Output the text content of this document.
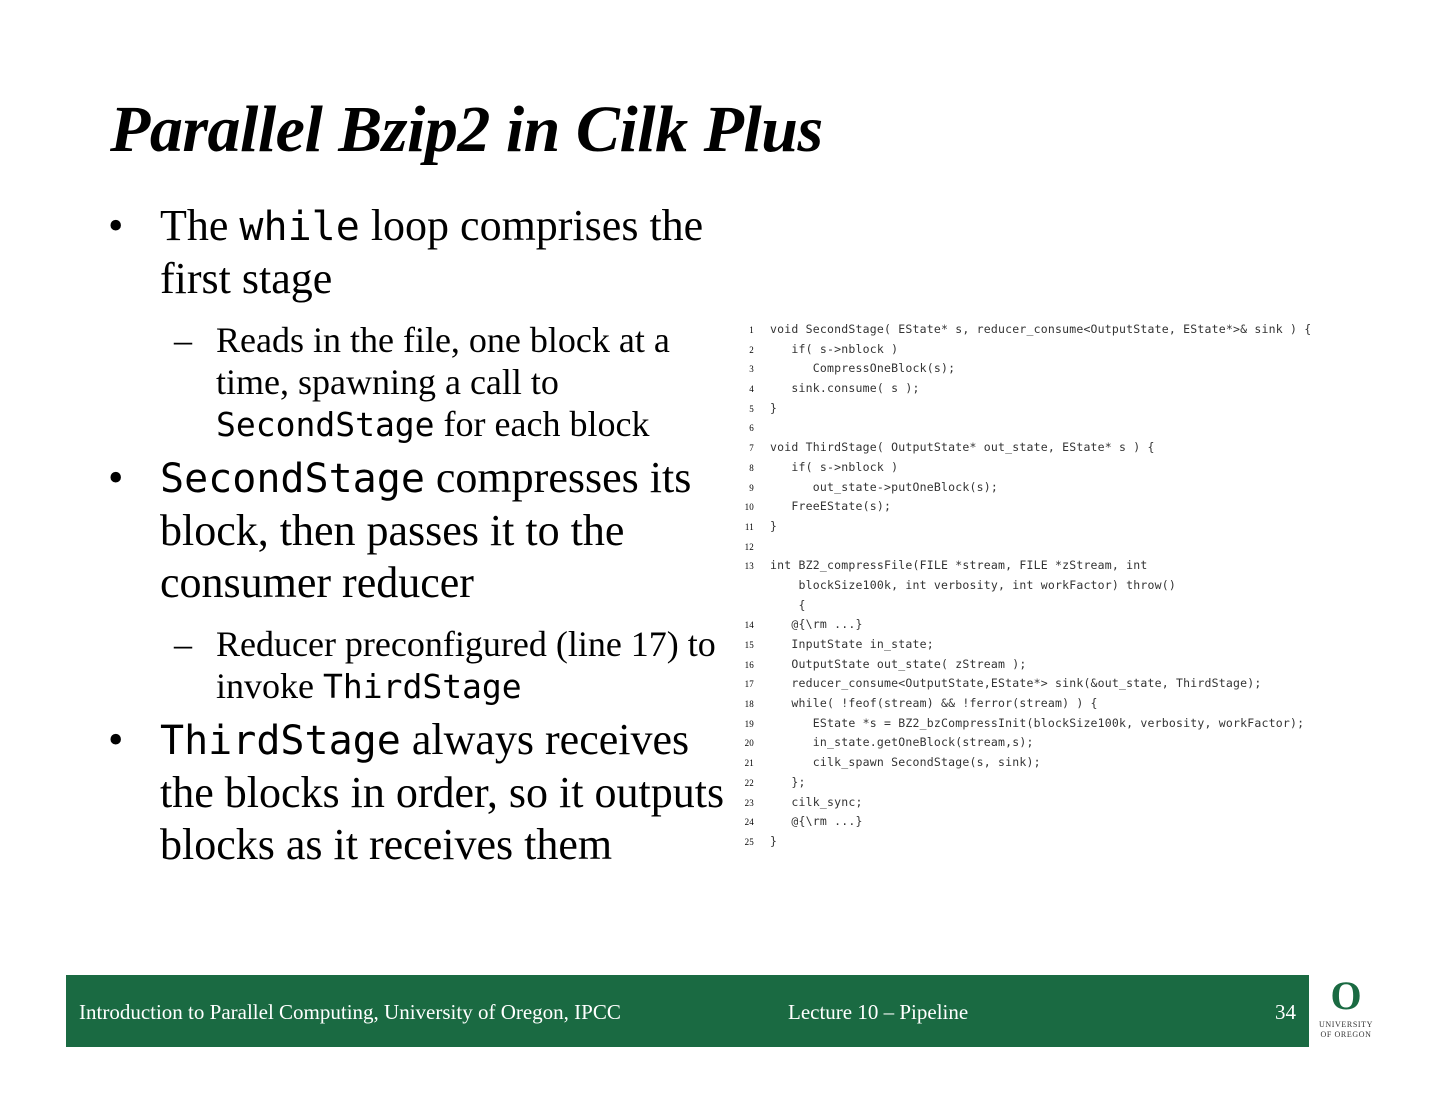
Parallel Bzip2 in Cilk Plus
• The while loop comprises the first stage
– Reads in the file, one block at a time, spawning a call to SecondStage for each block
• SecondStage compresses its block, then passes it to the consumer reducer
– Reducer preconfigured (line 17) to invoke ThirdStage
• ThirdStage always receives the blocks in order, so it outputs blocks as it receives them
1 void SecondStage( EState* s, reducer_consume<OutputState, EState*>& sink ) {
2   if( s->nblock )
3      CompressOneBlock(s);
4   sink.consume( s );
5 }
6
7 void ThirdStage( OutputState* out_state, EState* s ) {
8   if( s->nblock )
9      out_state->putOneBlock(s);
10   FreeEState(s);
11 }
12
13 int BZ2_compressFile(FILE *stream, FILE *zStream, int
blockSize100k, int verbosity, int workFactor) throw()
{
14   @{\rm ...}
15   InputState in_state;
16   OutputState out_state( zStream );
17   reducer_consume<OutputState,EState*> sink(&out_state, ThirdStage);
18   while( !feof(stream) && !ferror(stream) ) {
19      EState *s = BZ2_bzCompressInit(blockSize100k, verbosity, workFactor);
20      in_state.getOneBlock(stream,s);
21      cilk_spawn SecondStage(s, sink);
22   };
23   cilk_sync;
24   @{\rm ...}
25 }
Introduction to Parallel Computing, University of Oregon, IPCC	Lecture 10 – Pipeline	34 O
UNIVERSITY
OF OREGON
